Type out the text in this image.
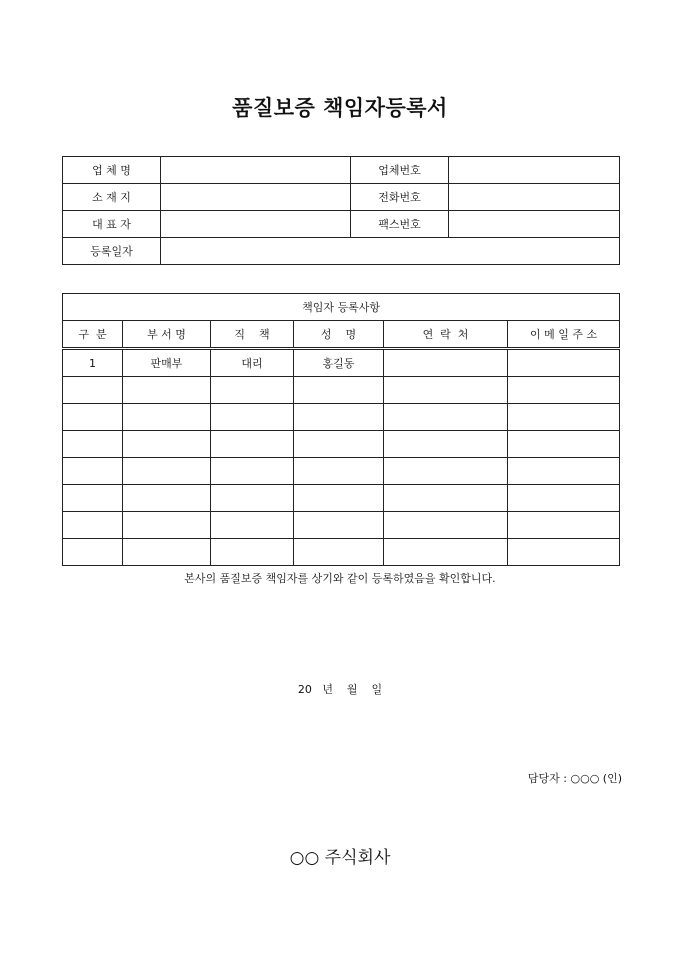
품질보증 책임자등록서
업 체 명		업체번호	
소 재 지		전화번호	
대 표 자		팩스번호	
등록일자			
책임자 등록사항					
구  분	부 서 명	직    책	성    명	연  락  처	이 메 일 주 소
1	판매부	대리	홍길동		

본사의 품질보증 책임자를 상기와 같이 등록하였음을 확인합니다.
20   년    월    일
담당자 : ○○○ (인)
○○ 주식회사
